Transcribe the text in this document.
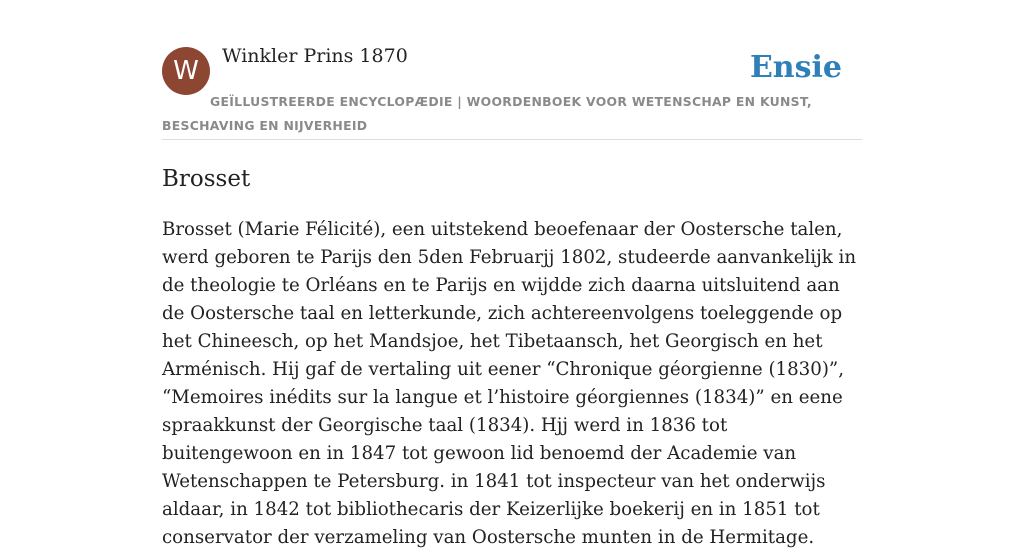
W	Winkler Prins 1870	Ensie
GEÏLLUSTREERDE ENCYCLOPÆDIE | WOORDENBOEK VOOR WETENSCHAP EN KUNST, BESCHAVING EN NIJVERHEID
Brosset

Brosset (Marie Félicité), een uitstekend beoefenaar der Oostersche talen, werd geboren te Parijs den 5den Februarjj 1802, studeerde aanvankelijk in de theologie te Orléans en te Parijs en wijdde zich daarna uitsluitend aan de Oostersche taal en letterkunde, zich achtereenvolgens toeleggende op het Chineesch, op het Mandsjoe, het Tibetaansch, het Georgisch en het Arménisch. Hij gaf de vertaling uit eener “Chronique géorgienne (1830)”, “Memoires inédits sur la langue et l’histoire géorgiennes (1834)” en eene spraakkunst der Georgische taal (1834). Hjj werd in 1836 tot buitengewoon en in 1847 tot gewoon lid benoemd der Academie van Wetenschappen te Petersburg. in 1841 tot inspecteur van het onderwijs aldaar, in 1842 tot bibliothecaris der Keizerlijke boekerij en in 1851 tot conservator der verzameling van Oostersche munten in de Hermitage.
